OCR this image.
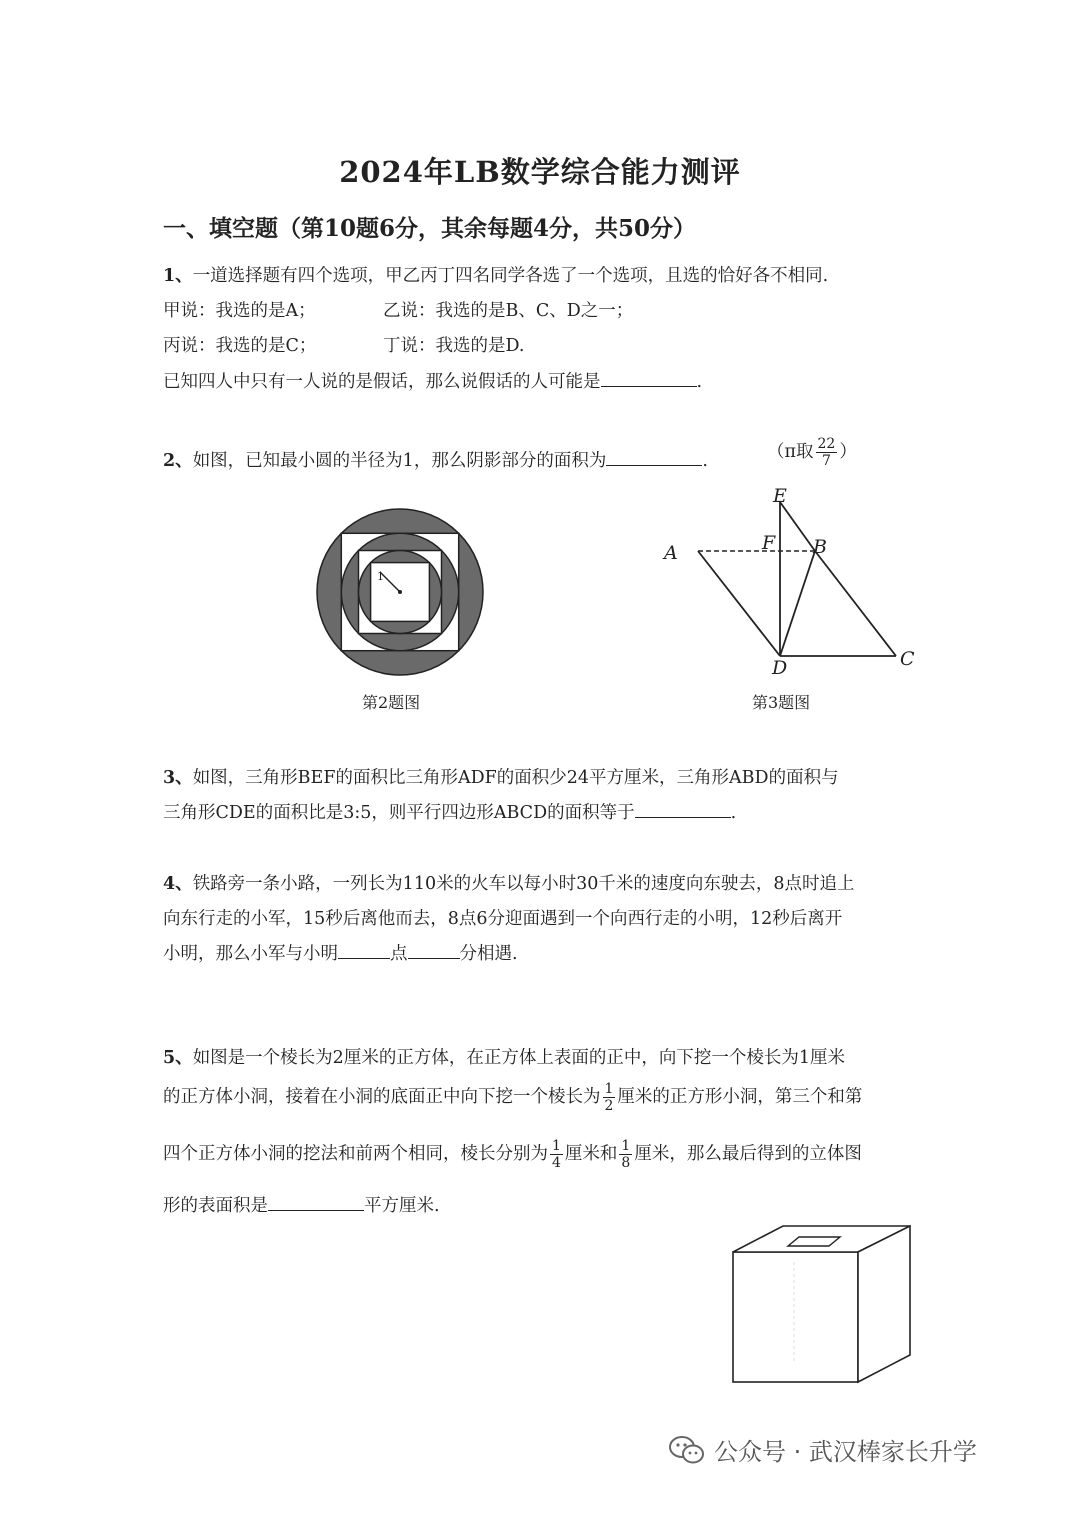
2024年LB数学综合能力测评
一、填空题（第10题6分，其余每题4分，共50分）
1、一道选择题有四个选项，甲乙丙丁四名同学各选了一个选项，且选的恰好各不相同.
甲说：我选的是A；	乙说：我选的是B、C、D之一；
丙说：我选的是C；	丁说：我选的是D.
已知四人中只有一人说的是假话，那么说假话的人可能是	.
2、如图，已知最小圆的半径为1，那么阴影部分的面积为	.	（π取 $\frac{22}{7}$ ）
1
第2题图
A
E
F B
D	C
第3题图
3、如图，三角形BEF的面积比三角形ADF的面积少24平方厘米，三角形ABD的面积与
三角形CDE的面积比是3:5，则平行四边形ABCD的面积等于	.
4、铁路旁一条小路，一列长为110米的火车以每小时30千米的速度向东驶去，8点时追上
向东行走的小军，15秒后离他而去，8点6分迎面遇到一个向西行走的小明，12秒后离开
小明，那么小军与小明	点	分相遇.
5、如图是一个棱长为2厘米的正方体，在正方体上表面的正中，向下挖一个棱长为1厘米
的正方体小洞，接着在小洞的底面正中向下挖一个棱长为 $\frac{1}{2}$ 厘米的正方形小洞，第三个和第
四个正方体小洞的挖法和前两个相同，棱长分别为 $\frac{1}{4}$ 厘米和 $\frac{1}{8}$ 厘米，那么最后得到的立体图
形的表面积是	平方厘米.
公众号 · 武汉棒家长升学
